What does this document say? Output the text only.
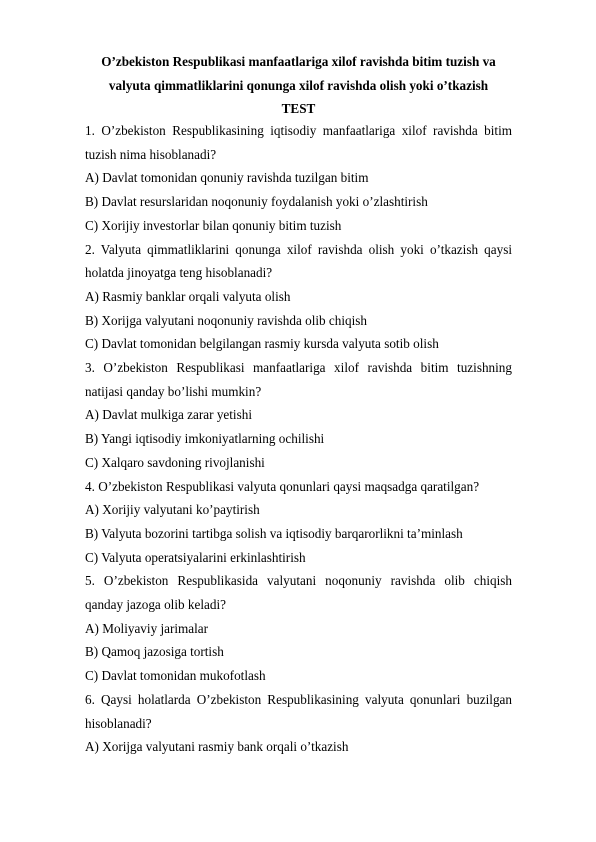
O’zbekiston Respublikasi manfaatlariga xilof ravishda bitim tuzish va valyuta qimmatliklarini qonunga xilof ravishda olish yoki o’tkazish

TEST

1. O’zbekiston Respublikasining iqtisodiy manfaatlariga xilof ravishda bitim tuzish nima hisoblanadi?

A) Davlat tomonidan qonuniy ravishda tuzilgan bitim

B) Davlat resurslaridan noqonuniy foydalanish yoki o’zlashtirish

C) Xorijiy investorlar bilan qonuniy bitim tuzish

2. Valyuta qimmatliklarini qonunga xilof ravishda olish yoki o’tkazish qaysi holatda jinoyatga teng hisoblanadi?

A) Rasmiy banklar orqali valyuta olish

B) Xorijga valyutani noqonuniy ravishda olib chiqish

C) Davlat tomonidan belgilangan rasmiy kursda valyuta sotib olish

3. O’zbekiston Respublikasi manfaatlariga xilof ravishda bitim tuzishning natijasi qanday bo’lishi mumkin?

A) Davlat mulkiga zarar yetishi

B) Yangi iqtisodiy imkoniyatlarning ochilishi

C) Xalqaro savdoning rivojlanishi

4. O’zbekiston Respublikasi valyuta qonunlari qaysi maqsadga qaratilgan?

A) Xorijiy valyutani ko’paytirish

B) Valyuta bozorini tartibga solish va iqtisodiy barqarorlikni ta’minlash

C) Valyuta operatsiyalarini erkinlashtirish

5. O’zbekiston Respublikasida valyutani noqonuniy ravishda olib chiqish qanday jazoga olib keladi?

A) Moliyaviy jarimalar

B) Qamoq jazosiga tortish

C) Davlat tomonidan mukofotlash

6. Qaysi holatlarda O’zbekiston Respublikasining valyuta qonunlari buzilgan hisoblanadi?

A) Xorijga valyutani rasmiy bank orqali o’tkazish
